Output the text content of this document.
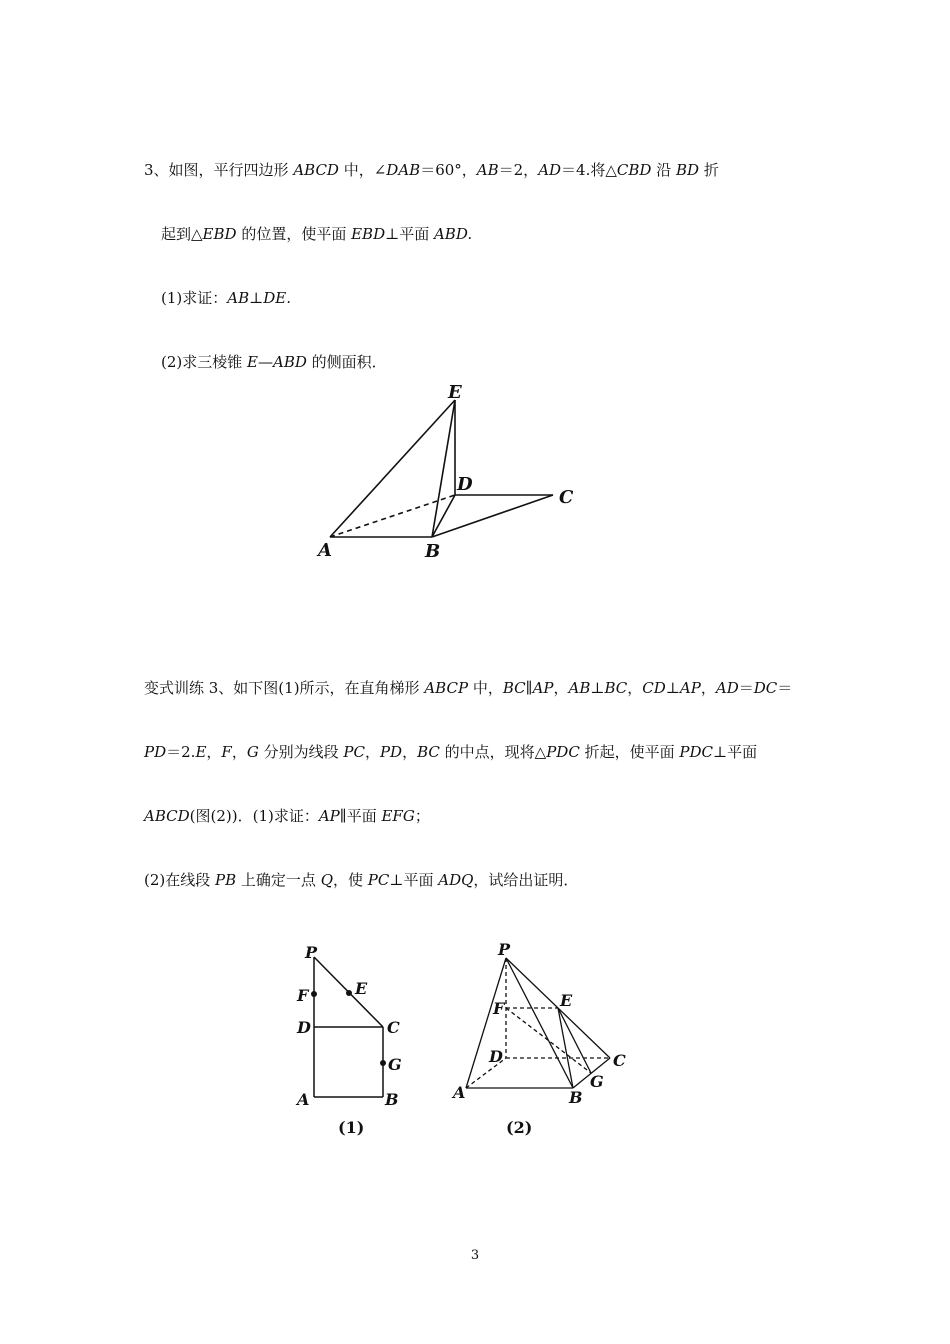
3、如图，平行四边形 ABCD 中，∠DAB＝60°，AB＝2，AD＝4.将△CBD 沿 BD 折
起到△EBD 的位置，使平面 EBD⊥平面 ABD.
(1)求证：AB⊥DE.
(2)求三棱锥 E—ABD 的侧面积．
E
D
C
A	B
变式训练 3、如下图(1)所示，在直角梯形 ABCP 中，BC∥AP，AB⊥BC，CD⊥AP，AD＝DC＝
PD＝2.E，F，G 分别为线段 PC，PD，BC 的中点，现将△PDC 折起，使平面 PDC⊥平面
ABCD(图(2))．(1)求证：AP∥平面 EFG；
(2)在线段 PB 上确定一点 Q，使 PC⊥平面 ADQ，试给出证明．
P
F	E
D	C
G
A	B
(1)
P
F	E
D	C
G
A	B
(2)
3
